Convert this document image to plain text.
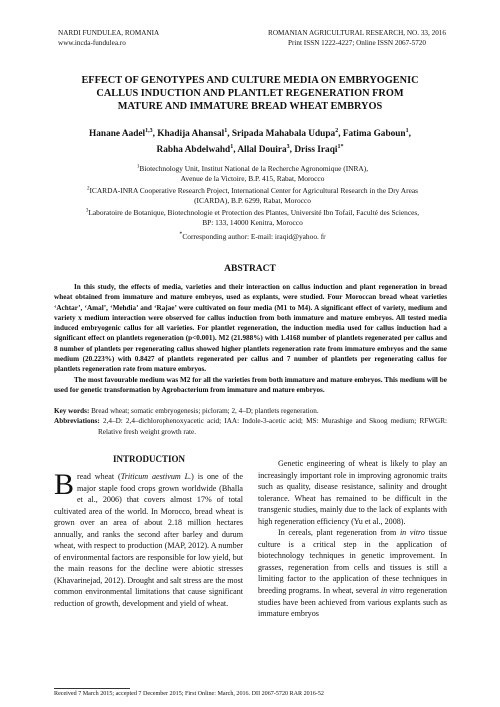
NARDI FUNDULEA, ROMANIA
www.incda-fundulea.ro
ROMANIAN AGRICULTURAL RESEARCH, NO. 33, 2016
Print ISSN 1222-4227; Online ISSN 2067-5720
EFFECT OF GENOTYPES AND CULTURE MEDIA ON EMBRYOGENIC
CALLUS INDUCTION AND PLANTLET REGENERATION FROM
MATURE AND IMMATURE BREAD WHEAT EMBRYOS
Hanane Aadel$^{1,3}$, Khadija Ahansal$^1$, Sripada Mahabala Udupa$^2$, Fatima Gaboun$^1$,
Rabha Abdelwahd$^1$, Allal Douira$^3$, Driss Iraqi$^{1*}$
$^1$Biotechnology Unit, Institut National de la Recherche Agronomique (INRA),
Avenue de la Victoire, B.P. 415, Rabat, Morocco
$^2$ICARDA-INRA Cooperative Research Project, International Center for Agricultural Research in the Dry Areas
(ICARDA), B.P. 6299, Rabat, Morocco
$^3$Laboratoire de Botanique, Biotechnologie et Protection des Plantes, Université Ibn Tofail, Faculté des Sciences,
BP: 133, 14000 Kenitra, Morocco
*Corresponding author: E-mail: iraqid@yahoo. fr
ABSTRACT

In this study, the effects of media, varieties and their interaction on callus induction and plant regeneration in bread wheat obtained from immature and mature embryos, used as explants, were studied. Four Moroccan bread wheat varieties ‘Achtar’, ‘Amal’, ‘Mehdia’ and ‘Rajae’ were cultivated on four media (M1 to M4). A significant effect of variety, medium and variety x medium interaction were observed for callus induction from both immature and mature embryos. All tested media induced embryogenic callus for all varieties. For plantlet regeneration, the induction media used for callus induction had a significant effect on plantlets regeneration (p<0.001). M2 (21.988%) with 1.4168 number of plantlets regenerated per callus and 8 number of plantlets per regenerating callus showed higher plantlets regeneration rate from immature embryos and the same medium (20.223%) with 0.8427 of plantlets regenerated per callus and 7 number of plantlets per regenerating callus for plantlets regeneration rate from mature embryos.

The most favourable medium was M2 for all the varieties from both immature and mature embryos. This medium will be used for genetic transformation by Agrobacterium from immature and mature embryos.

Key words: Bread wheat; somatic embryogenesis; picloram; 2, 4–D; plantlets regeneration.

Abbreviations: 2,4–D: 2,4–dichlorophenoxyacetic acid; IAA: Indole-3-acetic acid; MS: Murashige and Skoog medium; RFWGR: Relative fresh weight growth rate.

INTRODUCTION

Bread wheat (Triticum aestivum L.) is one of the major staple food crops grown worldwide (Bhalla et al., 2006) that covers almost 17% of total cultivated area of the world. In Morocco, bread wheat is grown over an area of about 2.18 million hectares annually, and ranks the second after barley and durum wheat, with respect to production (MAP, 2012). A number of environmental factors are responsible for low yield, but the main reasons for the decline were abiotic stresses (Khavarinejad, 2012). Drought and salt stress are the most common environmental limitations that cause significant reduction of growth, development and yield of wheat.

Genetic engineering of wheat is likely to play an increasingly important role in improving agronomic traits such as quality, disease resistance, salinity and drought tolerance. Wheat has remained to be difficult in the transgenic studies, mainly due to the lack of explants with high regeneration efficiency (Yu et al., 2008).

In cereals, plant regeneration from in vitro tissue culture is a critical step in the application of biotechnology techniques in genetic improvement. In grasses, regeneration from cells and tissues is still a limiting factor to the application of these techniques in breeding programs. In wheat, several in vitro regeneration studies have been achieved from various explants such as immature embryos

Received 7 March 2015; accepted 7 December 2015; First Online: March, 2016. DII 2067-5720 RAR 2016-52
